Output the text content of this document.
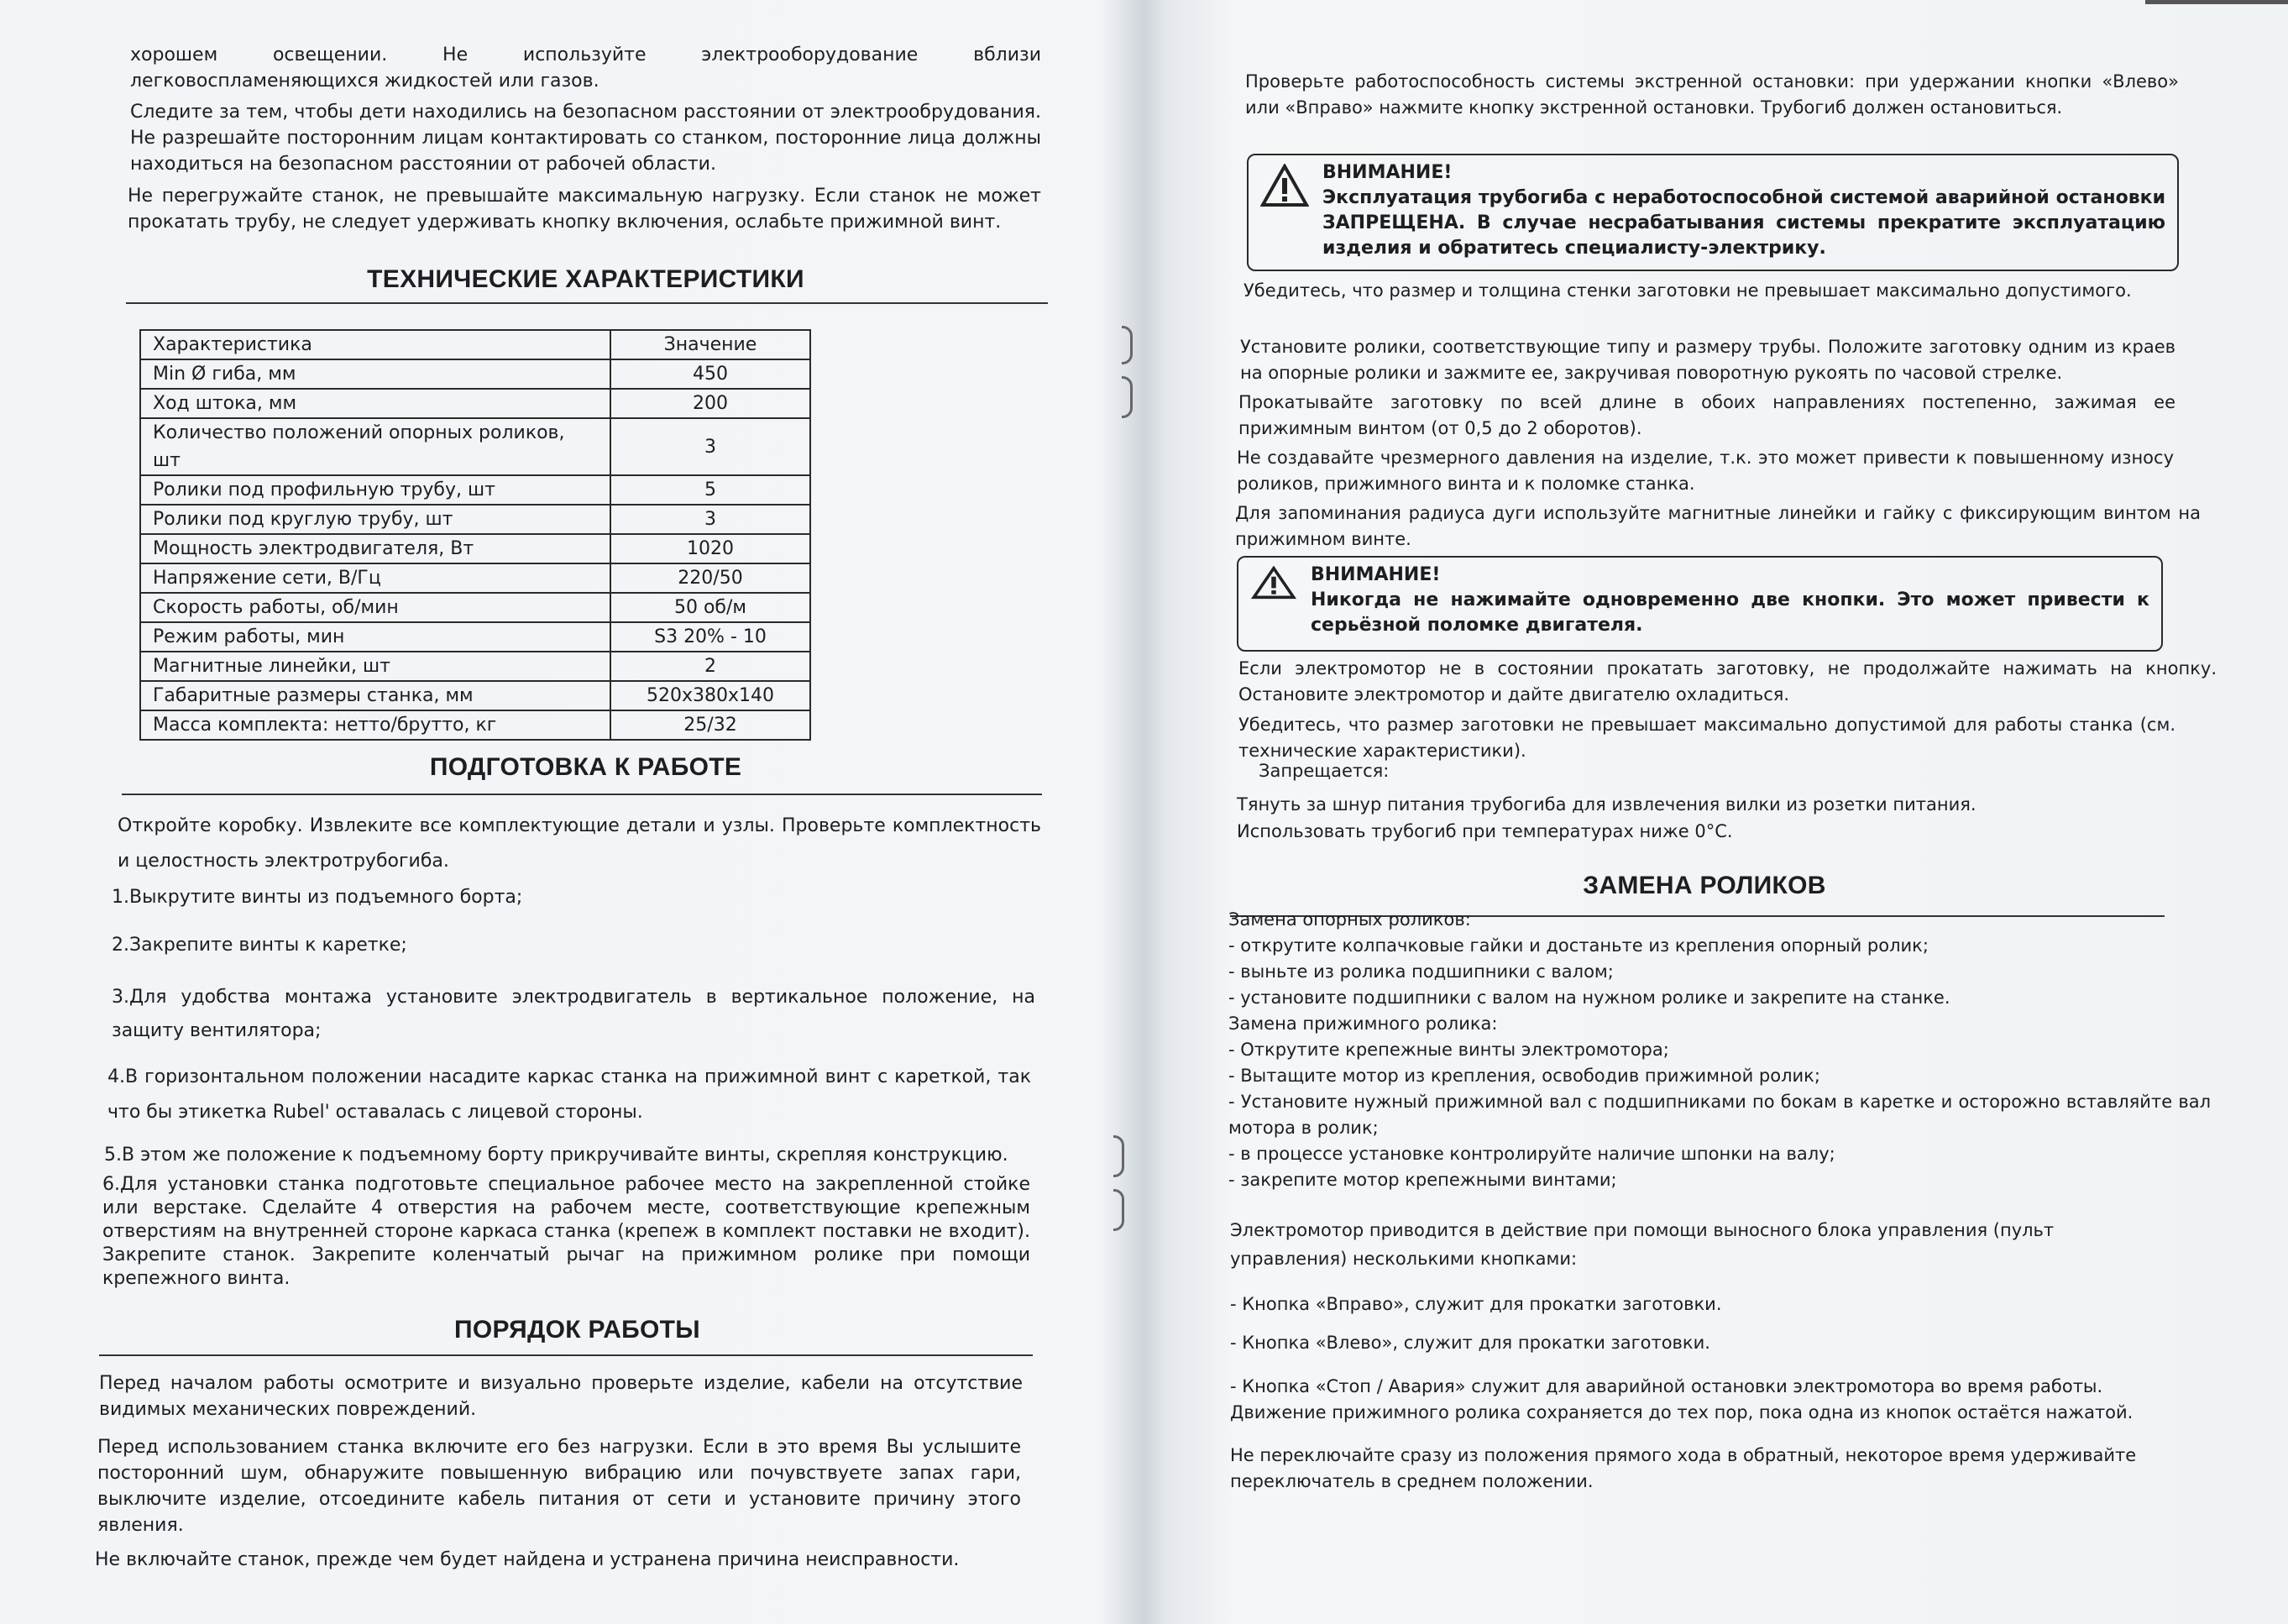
хорошем освещении. Не используйте электрооборудование вблизи легковоспламеняющихся жидкостей или газов.

Следите за тем, чтобы дети находились на безопасном расстоянии от электрообрудования. Не разрешайте посторонним лицам контактировать со станком, посторонние лица должны находиться на безопасном расстоянии от рабочей области.

Не перегружайте станок, не превышайте максимальную нагрузку. Если станок не может прокатать трубу, не следует удерживать кнопку включения, ослабьте прижимной винт.

ТЕХНИЧЕСКИЕ ХАРАКТЕРИСТИКИ
Характеристика	Значение
Min Ø гиба, мм	450
Ход штока, мм	200
Количество положений опорных роликов, шт	3
Ролики под профильную трубу, шт	5
Ролики под круглую трубу, шт	3
Мощность электродвигателя, Вт	1020
Напряжение сети, В/Гц	220/50
Скорость работы, об/мин	50 об/м
Режим работы, мин	S3 20% - 10
Магнитные линейки, шт	2
Габаритные размеры станка, мм	520x380x140
Масса комплекта: нетто/брутто, кг	25/32
ПОДГОТОВКА К РАБОТЕ

Откройте коробку. Извлеките все комплектующие детали и узлы. Проверьте комплектность и целостность электротрубогиба.

1.Выкрутите винты из подъемного борта;

2.Закрепите винты к каретке;

3.Для удобства монтажа установите электродвигатель в вертикальное положение, на защиту вентилятора;

4.В горизонтальном положении насадите каркас станка на прижимной винт с кареткой, так что бы этикетка Rubel' оставалась с лицевой стороны.

5.В этом же положение к подъемному борту прикручивайте винты, скрепляя конструкцию.

6.Для установки станка подготовьте специальное рабочее место на закрепленной стойке или верстаке. Сделайте 4 отверстия на рабочем месте, соответствующие крепежным отверстиям на внутренней стороне каркаса станка (крепеж в комплект поставки не входит). Закрепите станок. Закрепите коленчатый рычаг на прижимном ролике при помощи крепежного винта.

ПОРЯДОК РАБОТЫ

Перед началом работы осмотрите и визуально проверьте изделие, кабели на отсутствие видимых механических повреждений.

Перед использованием станка включите его без нагрузки. Если в это время Вы услышите посторонний шум, обнаружите повышенную вибрацию или почувствуете запах гари, выключите изделие, отсоедините кабель питания от сети и установите причину этого явления.

Не включайте станок, прежде чем будет найдена и устранена причина неисправности.

Проверьте работоспособность системы экстренной остановки: при удержании кнопки «Влево» или «Вправо» нажмите кнопку экстренной остановки. Трубогиб должен остановиться.

ВНИМАНИЕ!
Эксплуатация трубогиба с неработоспособной системой аварийной остановки ЗАПРЕЩЕНА. В случае несрабатывания системы прекратите эксплуатацию изделия и обратитесь специалисту-электрику.

Убедитесь, что размер и толщина стенки заготовки не превышает максимально допустимого.

Установите ролики, соответствующие типу и размеру трубы. Положите заготовку одним из краев на опорные ролики и зажмите ее, закручивая поворотную рукоять по часовой стрелке.

Прокатывайте заготовку по всей длине в обоих направлениях постепенно, зажимая ее прижимным винтом (от 0,5 до 2 оборотов).

Не создавайте чрезмерного давления на изделие, т.к. это может привести к повышенному износу роликов, прижимного винта и к поломке станка.

Для запоминания радиуса дуги используйте магнитные линейки и гайку с фиксирующим винтом на прижимном винте.

ВНИМАНИЕ!
Никогда не нажимайте одновременно две кнопки. Это может привести к серьёзной поломке двигателя.

Если электромотор не в состоянии прокатать заготовку, не продолжайте нажимать на кнопку. Остановите электромотор и дайте двигателю охладиться.

Убедитесь, что размер заготовки не превышает максимально допустимой для работы станка (см. технические характеристики).

Запрещается:

Тянуть за шнур питания трубогиба для извлечения вилки из розетки питания.

Использовать трубогиб при температурах ниже 0°С.

ЗАМЕНА РОЛИКОВ

Замена опорных роликов:

- открутите колпачковые гайки и достаньте из крепления опорный ролик;

- выньте из ролика подшипники с валом;

- установите подшипники с валом на нужном ролике и закрепите на станке.

Замена прижимного ролика:

- Открутите крепежные винты электромотора;

- Вытащите мотор из крепления, освободив прижимной ролик;

- Установите нужный прижимной вал с подшипниками по бокам в каретке и осторожно вставляйте вал мотора в ролик;

- в процессе установке контролируйте наличие шпонки на валу;

- закрепите мотор крепежными винтами;

Электромотор приводится в действие при помощи выносного блока управления (пульт управления) несколькими кнопками:

- Кнопка «Вправо», служит для прокатки заготовки.

- Кнопка «Влево», служит для прокатки заготовки.

- Кнопка «Стоп / Авария» служит для аварийной остановки электромотора во время работы. Движение прижимного ролика сохраняется до тех пор, пока одна из кнопок остаётся нажатой.

Не переключайте сразу из положения прямого хода в обратный, некоторое время удерживайте переключатель в среднем положении.
